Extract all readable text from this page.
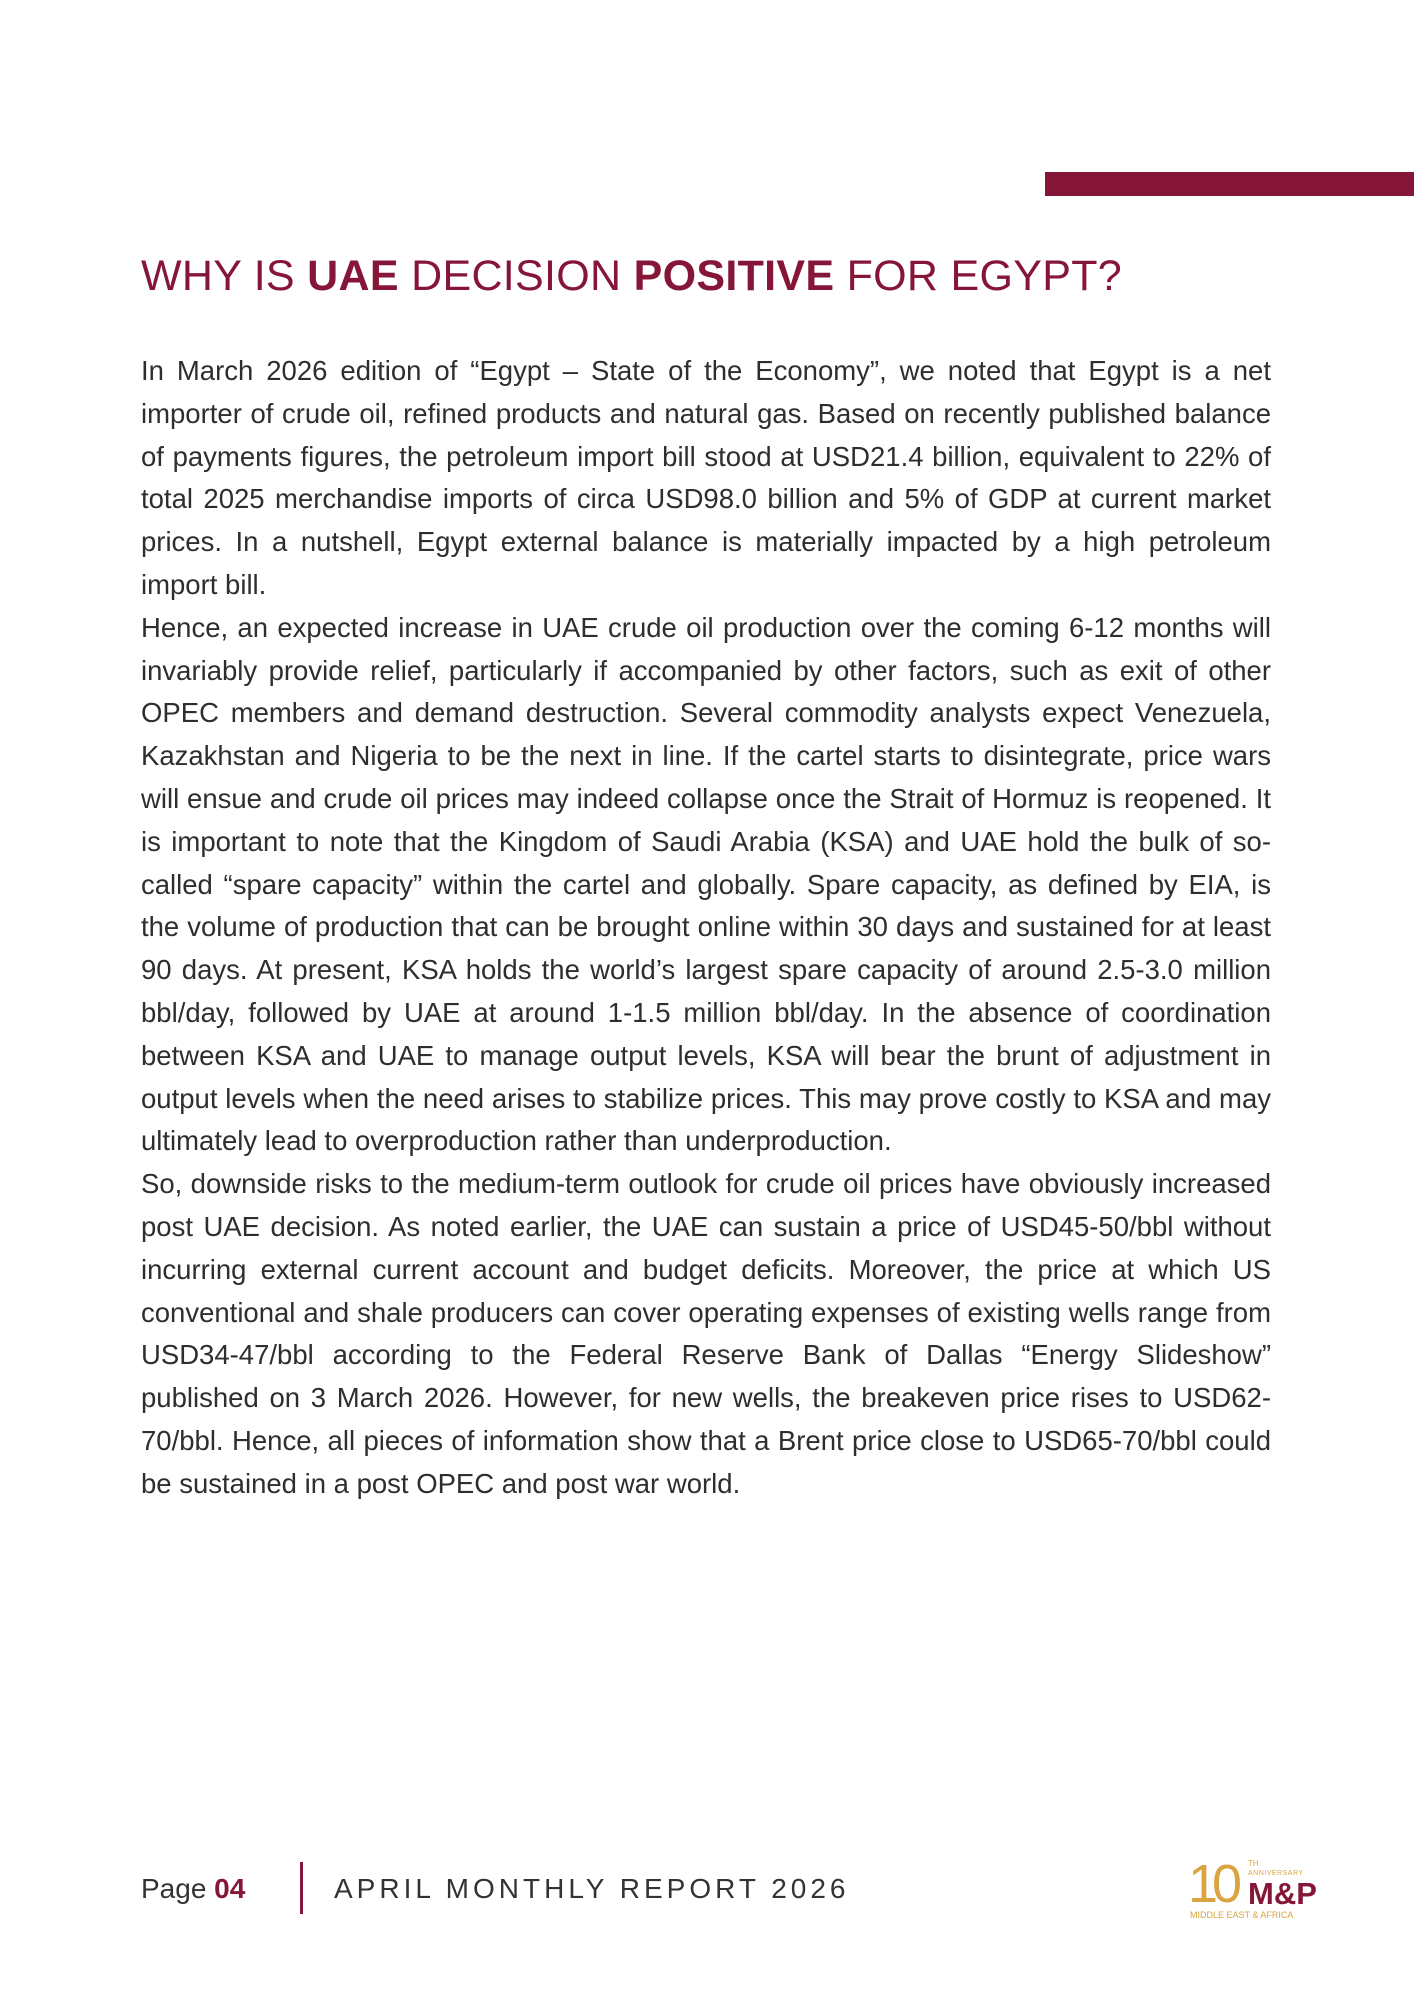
WHY IS UAE DECISION POSITIVE FOR EGYPT?

In March 2026 edition of “Egypt – State of the Economy”, we noted that Egypt is a net importer of crude oil, refined products and natural gas. Based on recently published balance of payments figures, the petroleum import bill stood at USD21.4 billion, equivalent to 22% of total 2025 merchandise imports of circa USD98.0 billion and 5% of GDP at current market prices. In a nutshell, Egypt external balance is materially impacted by a high petroleum import bill.

Hence, an expected increase in UAE crude oil production over the coming 6-12 months will invariably provide relief, particularly if accompanied by other factors, such as exit of other OPEC members and demand destruction. Several commodity analysts expect Venezuela, Kazakhstan and Nigeria to be the next in line. If the cartel starts to disintegrate, price wars will ensue and crude oil prices may indeed collapse once the Strait of Hormuz is reopened. It is important to note that the Kingdom of Saudi Arabia (KSA) and UAE hold the bulk of so-called “spare capacity” within the cartel and globally. Spare capacity, as defined by EIA, is the volume of production that can be brought online within 30 days and sustained for at least 90 days. At present, KSA holds the world’s largest spare capacity of around 2.5-3.0 million bbl/day, followed by UAE at around 1-1.5 million bbl/day. In the absence of coordination between KSA and UAE to manage output levels, KSA will bear the brunt of adjustment in output levels when the need arises to stabilize prices. This may prove costly to KSA and may ultimately lead to overproduction rather than underproduction.

So, downside risks to the medium-term outlook for crude oil prices have obviously increased post UAE decision. As noted earlier, the UAE can sustain a price of USD45-50/bbl without incurring external current account and budget deficits. Moreover, the price at which US conventional and shale producers can cover operating expenses of existing wells range from USD34-47/bbl according to the Federal Reserve Bank of Dallas “Energy Slideshow” published on 3 March 2026. However, for new wells, the breakeven price rises to USD62-70/bbl. Hence, all pieces of information show that a Brent price close to USD65-70/bbl could be sustained in a post OPEC and post war world.

Page 04	APRIL MONTHLY REPORT 2026	10	TH
ANNIVERSARY
M&P
MIDDLE EAST & AFRICA
